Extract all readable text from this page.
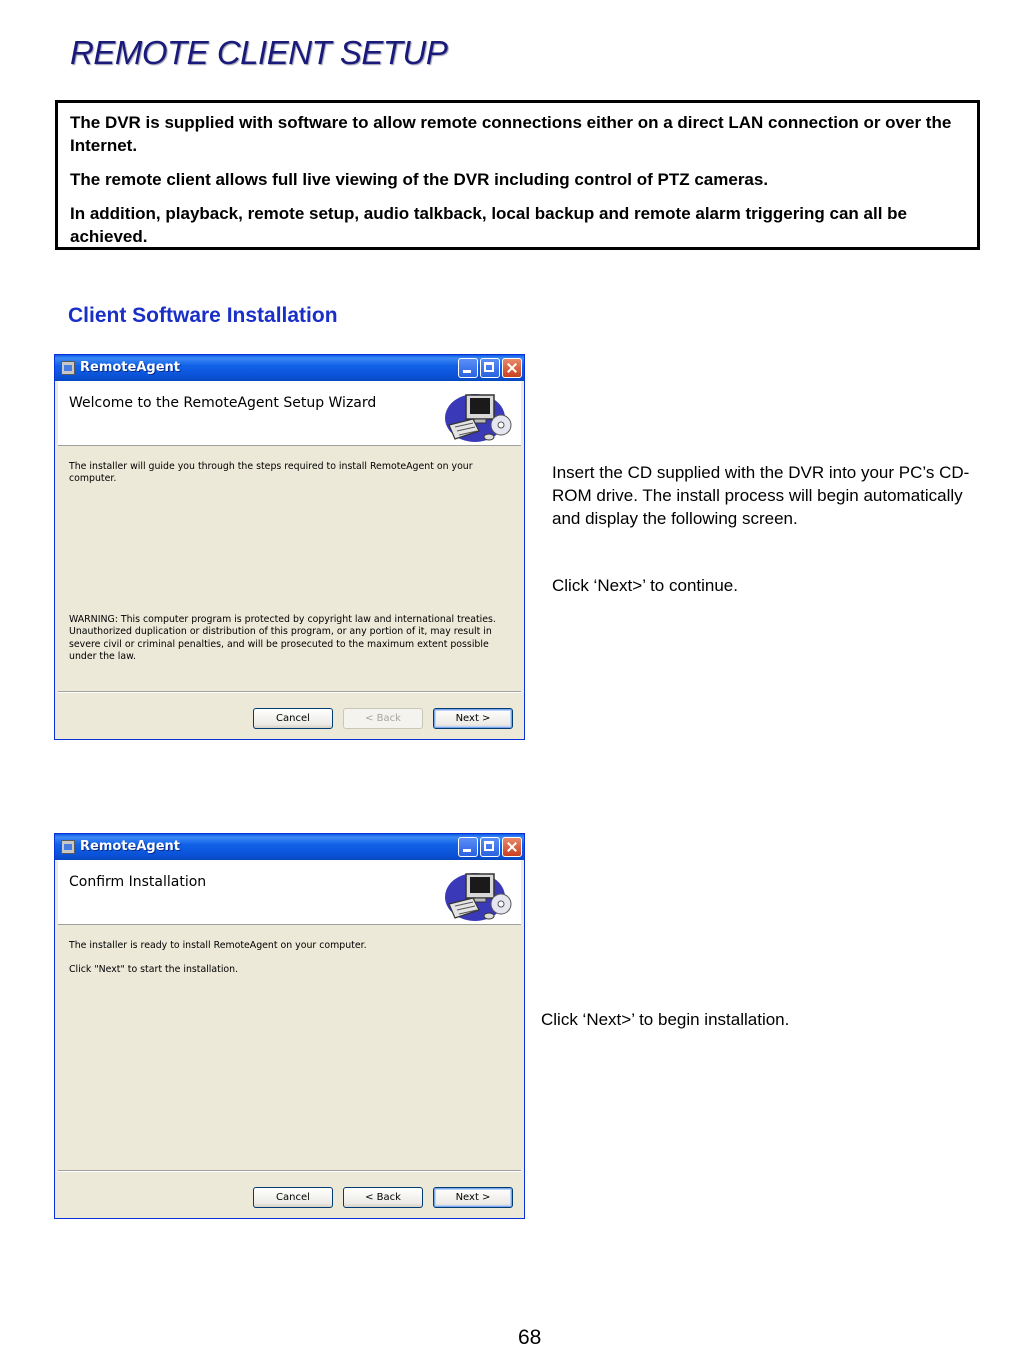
REMOTE CLIENT SETUP

The DVR is supplied with software to allow remote connections either on a direct LAN connection or over the Internet.

The remote client allows full live viewing of the DVR including control of PTZ cameras.

In addition, playback, remote setup, audio talkback, local backup and remote alarm triggering can all be achieved.

Client Software Installation
RemoteAgent
Welcome to the RemoteAgent Setup Wizard

The installer will guide you through the steps required to install RemoteAgent on your computer.

WARNING: This computer program is protected by copyright law and international treaties. Unauthorized duplication or distribution of this program, or any portion of it, may result in severe civil or criminal penalties, and will be prosecuted to the maximum extent possible under the law.

Cancel	< Back	Next >

Insert the CD supplied with the DVR into your PC’s CD-ROM drive. The install process will begin automatically and display the following screen.

Click ‘Next>’ to continue.

RemoteAgent
Confirm Installation

The installer is ready to install RemoteAgent on your computer.

Click "Next" to start the installation.

Cancel	< Back	Next >

Click ‘Next>’ to begin installation.

68
